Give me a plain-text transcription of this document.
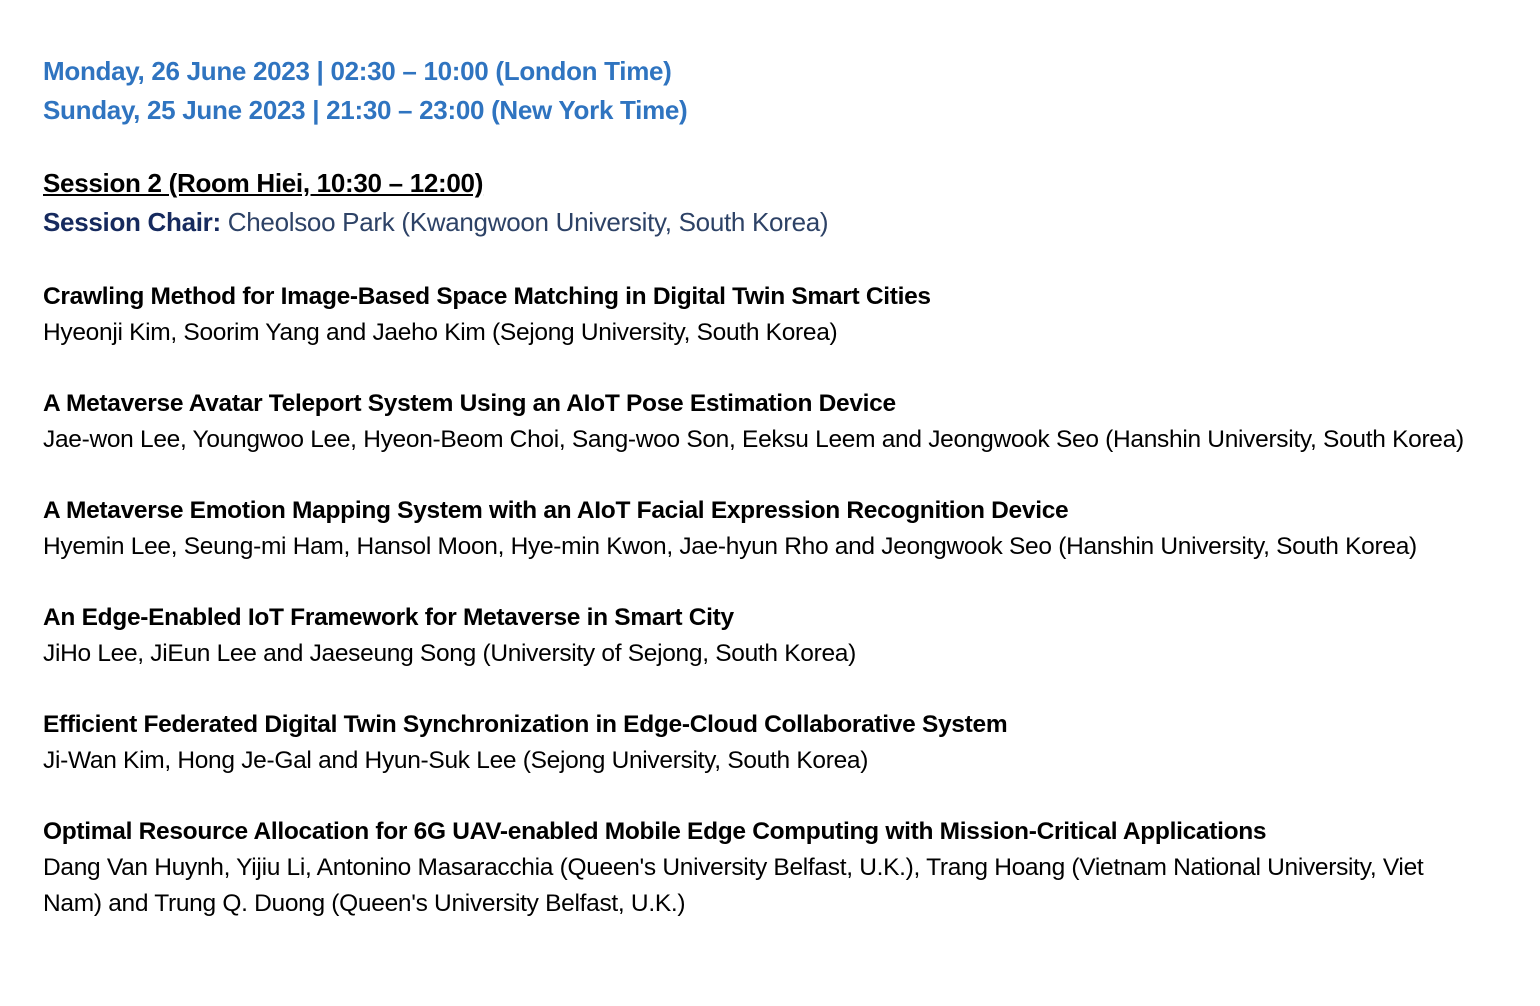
Monday, 26 June 2023 | 02:30 – 10:00 (London Time)
Sunday, 25 June 2023 | 21:30 – 23:00 (New York Time)
Session 2 (Room Hiei, 10:30 – 12:00)
Session Chair: Cheolsoo Park (Kwangwoon University, South Korea)
Crawling Method for Image-Based Space Matching in Digital Twin Smart Cities
Hyeonji Kim, Soorim Yang and Jaeho Kim (Sejong University, South Korea)
A Metaverse Avatar Teleport System Using an AIoT Pose Estimation Device
Jae-won Lee, Youngwoo Lee, Hyeon-Beom Choi, Sang-woo Son, Eeksu Leem and Jeongwook Seo (Hanshin University, South Korea)
A Metaverse Emotion Mapping System with an AIoT Facial Expression Recognition Device
Hyemin Lee, Seung-mi Ham, Hansol Moon, Hye-min Kwon, Jae-hyun Rho and Jeongwook Seo (Hanshin University, South Korea)
An Edge-Enabled IoT Framework for Metaverse in Smart City
JiHo Lee, JiEun Lee and Jaeseung Song (University of Sejong, South Korea)
Efficient Federated Digital Twin Synchronization in Edge-Cloud Collaborative System
Ji-Wan Kim, Hong Je-Gal and Hyun-Suk Lee (Sejong University, South Korea)
Optimal Resource Allocation for 6G UAV-enabled Mobile Edge Computing with Mission-Critical Applications
Dang Van Huynh, Yijiu Li, Antonino Masaracchia (Queen's University Belfast, U.K.), Trang Hoang (Vietnam National University, Viet Nam) and Trung Q. Duong (Queen's University Belfast, U.K.)
